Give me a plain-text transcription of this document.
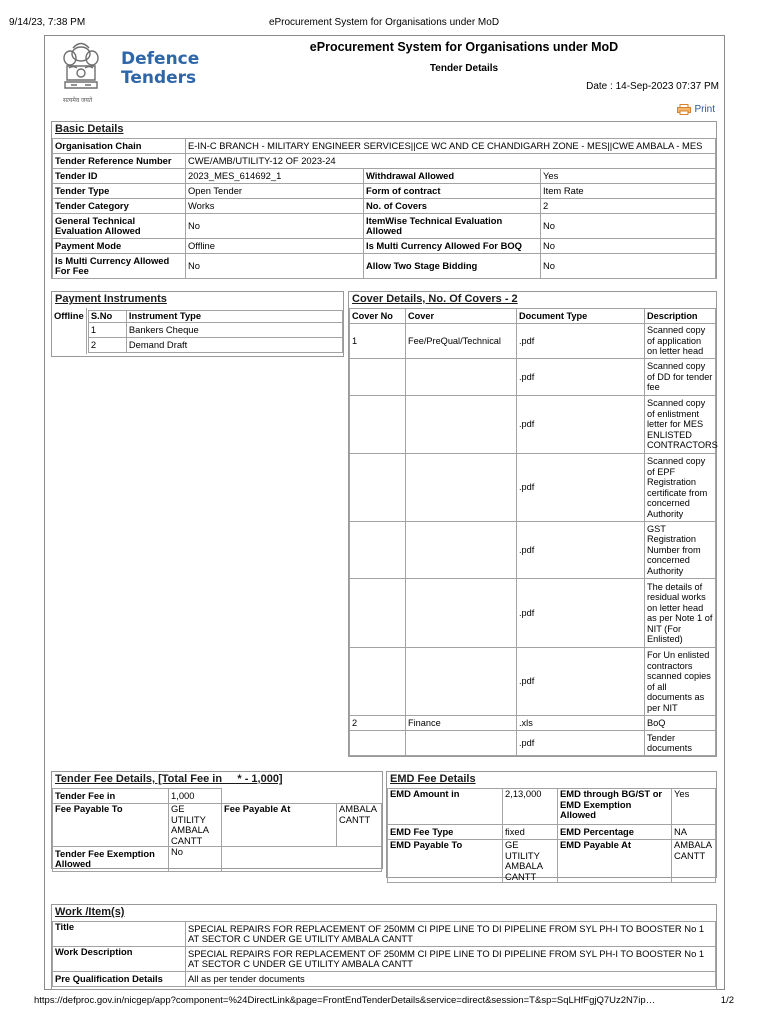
9/14/23, 7:38 PM	eProcurement System for Organisations under MoD
https://defproc.gov.in/nicgep/app?component=%24DirectLink&page=FrontEndTenderDetails&service=direct&session=T&sp=SqLHfFgjQ7Uz2N7ip…	1/2
सत्यमेव जयते
Defence
Tenders
eProcurement System for Organisations under MoD
Tender Details
Date : 14-Sep-2023 07:37 PM
Print
Basic Details
Organisation Chain	E-IN-C BRANCH - MILITARY ENGINEER SERVICES||CE WC AND CE CHANDIGARH ZONE - MES||CWE AMBALA - MES		
Tender Reference Number	CWE/AMB/UTILITY-12 OF 2023-24		
Tender ID	2023_MES_614692_1	Withdrawal Allowed	Yes
Tender Type	Open Tender	Form of contract	Item Rate
Tender Category	Works	No. of Covers	2
General Technical Evaluation Allowed	No	ItemWise Technical Evaluation Allowed	No
Payment Mode	Offline	Is Multi Currency Allowed For BOQ	No
Is Multi Currency Allowed For Fee	No	Allow Two Stage Bidding	No
Payment Instruments
Offline S.No	Instrument Type
1	Bankers Cheque
2	Demand Draft
Cover Details, No. Of Covers - 2
Cover No	Cover	Document Type	Description
1	Fee/PreQual/Technical	.pdf	Scanned copy of application on letter head
		.pdf	Scanned copy of DD for tender fee
		.pdf	Scanned copy of enlistment letter for MES ENLISTED CONTRACTORS
		.pdf	Scanned copy of EPF Registration certificate from concerned Authority
		.pdf	GST Registration Number from concerned Authority
		.pdf	The details of residual works on letter head as per Note 1 of NIT (For Enlisted)
		.pdf	For Un enlisted contractors scanned copies of all documents as per NIT
2	Finance	.xls	BoQ
		.pdf	Tender documents
Tender Fee Details, [Total Fee in     * - 1,000]
Tender Fee in	1,000		
Fee Payable To	GE UTILITY AMBALA CANTT	Fee Payable At	AMBALA CANTT
Tender Fee Exemption Allowed	No		
EMD Fee Details
EMD Amount in	2,13,000	EMD through BG/ST or EMD Exemption Allowed	Yes
EMD Fee Type	fixed	EMD Percentage	NA
EMD Payable To	GE UTILITY AMBALA CANTT	EMD Payable At	AMBALA CANTT
Work /Item(s)
Title	SPECIAL REPAIRS FOR REPLACEMENT OF 250MM CI PIPE LINE TO DI PIPELINE FROM SYL PH-I TO BOOSTER No 1 AT SECTOR C UNDER GE UTILITY AMBALA CANTT
Work Description	SPECIAL REPAIRS FOR REPLACEMENT OF 250MM CI PIPE LINE TO DI PIPELINE FROM SYL PH-I TO BOOSTER No 1 AT SECTOR C UNDER GE UTILITY AMBALA CANTT
Pre Qualification Details	All as per tender documents
